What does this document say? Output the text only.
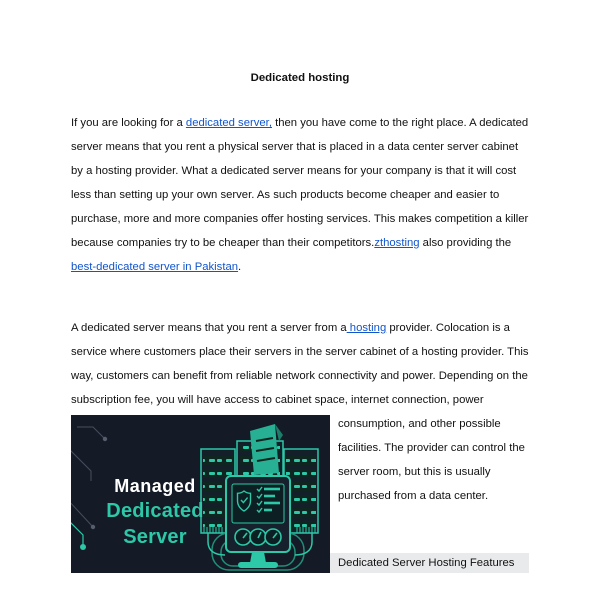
Dedicated hosting

If you are looking for a dedicated server, then you have come to the right place. A dedicated server means that you rent a physical server that is placed in a data center server cabinet by a hosting provider. What a dedicated server means for your company is that it will cost less than setting up your own server. As such products become cheaper and easier to purchase, more and more companies offer hosting services. This makes competition a killer because companies try to be cheaper than their competitors.zthosting also providing the best-dedicated server in Pakistan.

A dedicated server means that you rent a server from a hosting provider. Colocation is a service where customers place their servers in the server cabinet of a hosting provider. This way, customers can benefit from reliable network connectivity and power. Depending on the subscription fee, you will have access to cabinet space, internet
Managed
Dedicated Server
connection, power consumption, and other possible facilities. The provider can control the server room, but this is usually purchased from a data center.

Dedicated Server Hosting Features
